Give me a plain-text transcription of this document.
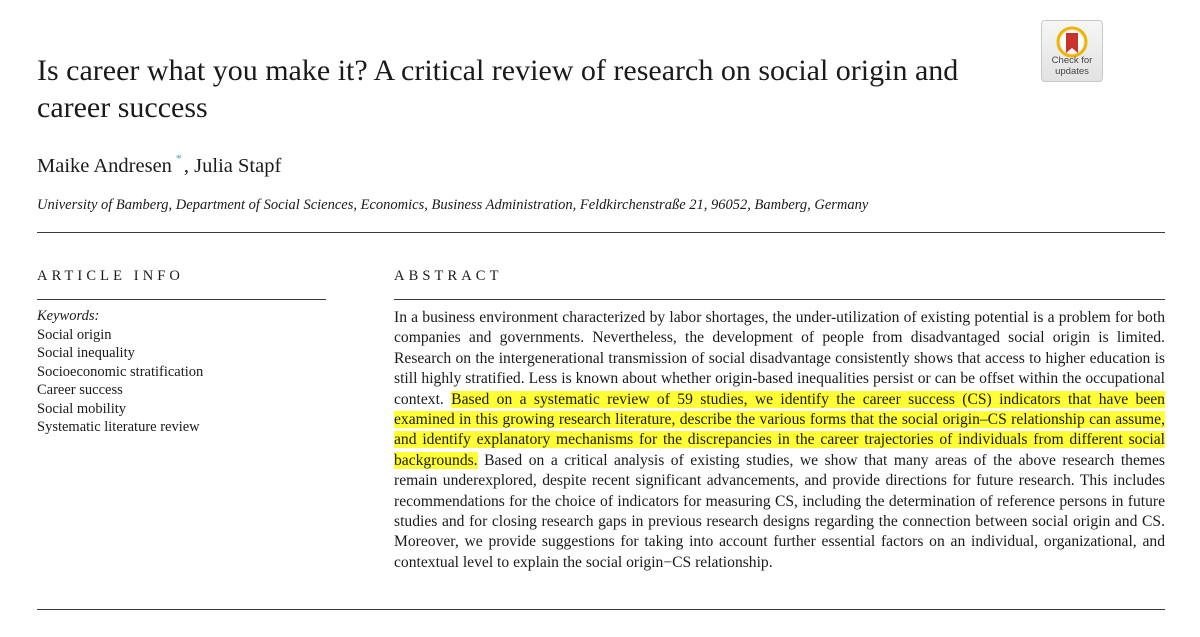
Is career what you make it? A critical review of research on social origin and career success
Check for
updates
Maike Andresen *, Julia Stapf
University of Bamberg, Department of Social Sciences, Economics, Business Administration, Feldkirchenstraße 21, 96052, Bamberg, Germany
ARTICLE INFO
Keywords:
Social origin
Social inequality
Socioeconomic stratification
Career success
Social mobility
Systematic literature review
ABSTRACT

In a business environment characterized by labor shortages, the under-utilization of existing potential is a problem for both companies and governments. Nevertheless, the development of people from disadvantaged social origin is limited. Research on the intergenerational transmission of social disadvantage consistently shows that access to higher education is still highly stratified. Less is known about whether origin-based inequalities persist or can be offset within the occupational context. Based on a systematic review of 59 studies, we identify the career success (CS) indicators that have been examined in this growing research literature, describe the various forms that the social origin–CS relationship can assume, and identify explanatory mechanisms for the discrepancies in the career trajectories of individuals from different social backgrounds. Based on a critical analysis of existing studies, we show that many areas of the above research themes remain underexplored, despite recent significant advancements, and provide directions for future research. This includes recommendations for the choice of indicators for measuring CS, including the determination of reference persons in future studies and for closing research gaps in previous research designs regarding the connection between social origin and CS. Moreover, we provide suggestions for taking into account further essential factors on an individual, organizational, and contextual level to explain the social origin−CS relationship.
